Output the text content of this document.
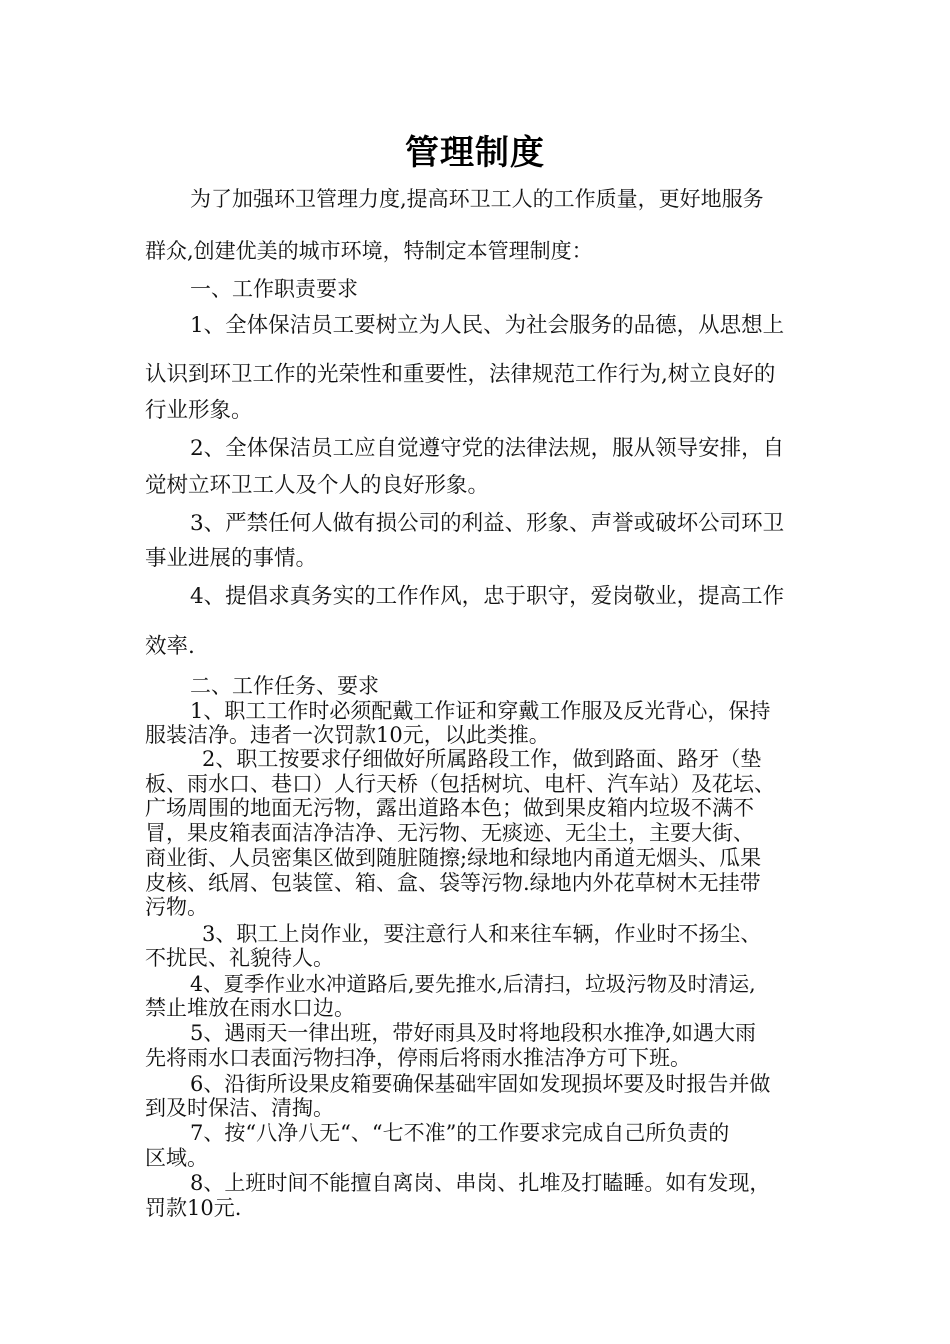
管理制度
为了加强环卫管理力度,提高环卫工人的工作质量，更好地服务
群众,创建优美的城市环境，特制定本管理制度：
一、工作职责要求
1、全体保洁员工要树立为人民、为社会服务的品德，从思想上
认识到环卫工作的光荣性和重要性，法律规范工作行为,树立良好的
行业形象。
2、全体保洁员工应自觉遵守党的法律法规，服从领导安排，自
觉树立环卫工人及个人的良好形象。
3、严禁任何人做有损公司的利益、形象、声誉或破坏公司环卫
事业进展的事情。
4、提倡求真务实的工作作风，忠于职守，爱岗敬业，提高工作
效率.
二、工作任务、要求
1、职工工作时必须配戴工作证和穿戴工作服及反光背心，保持
服装洁净。违者一次罚款10元，以此类推。
2、职工按要求仔细做好所属路段工作，做到路面、路牙（垫
板、雨水口、巷口）人行天桥（包括树坑、电杆、汽车站）及花坛、
广场周围的地面无污物，露出道路本色；做到果皮箱内垃圾不满不
冒，果皮箱表面洁净洁净、无污物、无痰迹、无尘土，主要大街、
商业街、人员密集区做到随脏随擦;绿地和绿地内甬道无烟头、瓜果
皮核、纸屑、包装筐、箱、盒、袋等污物.绿地内外花草树木无挂带
污物。
3、职工上岗作业，要注意行人和来往车辆，作业时不扬尘、
不扰民、礼貌待人。
4、夏季作业水冲道路后,要先推水,后清扫，垃圾污物及时清运,
禁止堆放在雨水口边。
5、遇雨天一律出班，带好雨具及时将地段积水推净,如遇大雨
先将雨水口表面污物扫净，停雨后将雨水推洁净方可下班。
6、沿街所设果皮箱要确保基础牢固如发现损坏要及时报告并做
到及时保洁、清掏。
7、按“八净八无“、“七不准”的工作要求完成自己所负责的
区域。
8、上班时间不能擅自离岗、串岗、扎堆及打瞌睡。如有发现，
罚款10元.
